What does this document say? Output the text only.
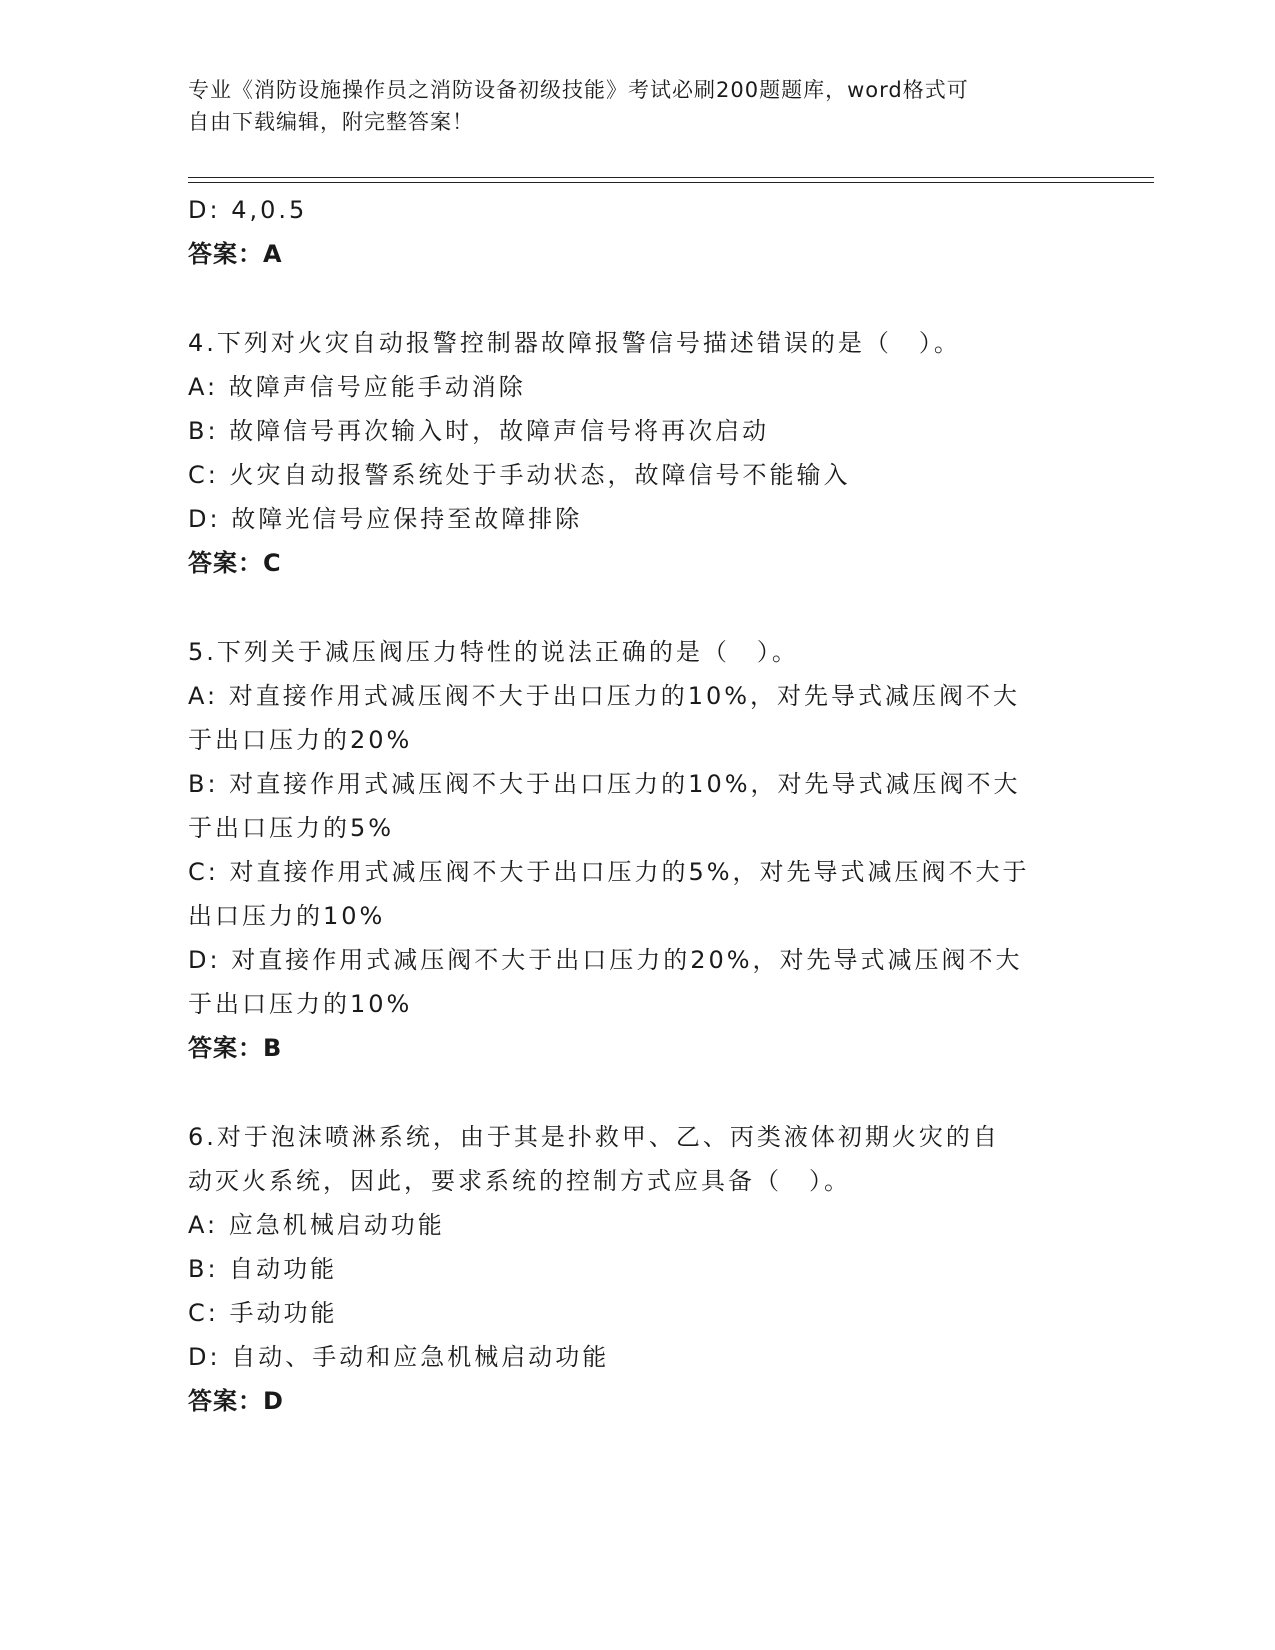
专业《消防设施操作员之消防设备初级技能》考试必刷200题题库，word格式可
自由下载编辑，附完整答案！
D: 4,0.5
答案：A
4.下列对火灾自动报警控制器故障报警信号描述错误的是（　）。
A: 故障声信号应能手动消除
B: 故障信号再次输入时，故障声信号将再次启动
C: 火灾自动报警系统处于手动状态，故障信号不能输入
D: 故障光信号应保持至故障排除
答案：C
5.下列关于减压阀压力特性的说法正确的是（　）。
A: 对直接作用式减压阀不大于出口压力的10%，对先导式减压阀不大
于出口压力的20%
B: 对直接作用式减压阀不大于出口压力的10%，对先导式减压阀不大
于出口压力的5%
C: 对直接作用式减压阀不大于出口压力的5%，对先导式减压阀不大于
出口压力的10%
D: 对直接作用式减压阀不大于出口压力的20%，对先导式减压阀不大
于出口压力的10%
答案：B
6.对于泡沫喷淋系统，由于其是扑救甲、乙、丙类液体初期火灾的自
动灭火系统，因此，要求系统的控制方式应具备（　）。
A: 应急机械启动功能
B: 自动功能
C: 手动功能
D: 自动、手动和应急机械启动功能
答案：D
